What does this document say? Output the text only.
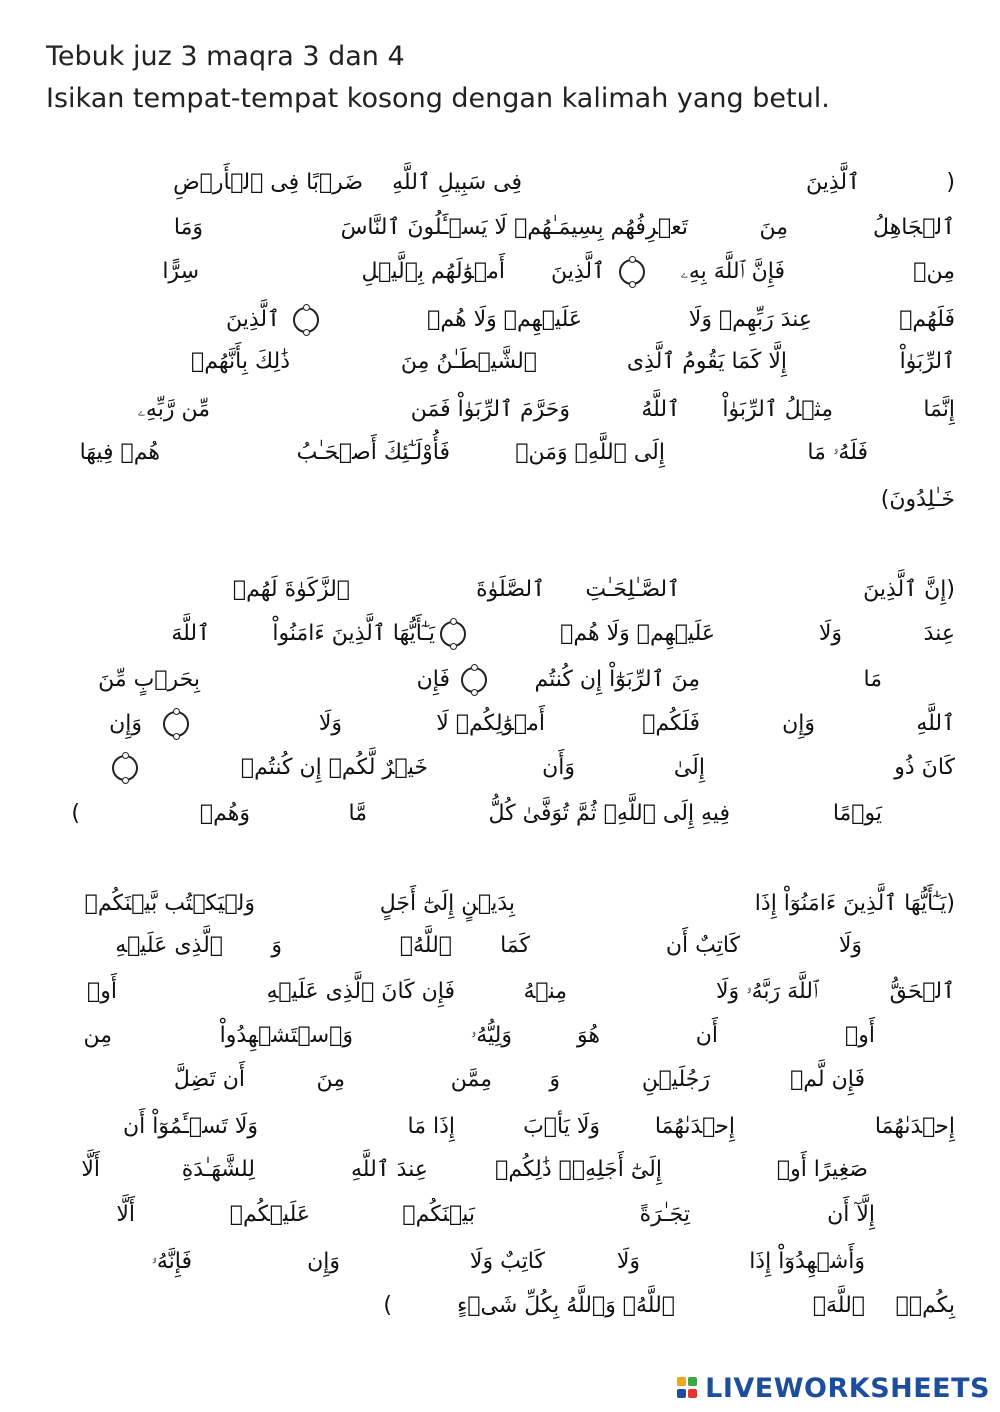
Tebuk juz 3 maqra 3 dan 4
Isikan tempat-tempat kosong dengan kalimah yang betul.
(
ٱلَّذِينَ
فِى سَبِيلِ ٱللَّهِ
ضَرۡبًا فِى ٱلۡأَرۡضِ
ٱلۡجَاهِلُ
مِنَ
تَعۡرِفُهُم بِسِيمَـٰهُمۡ لَا يَسۡـَٔلُونَ ٱلنَّاسَ
وَمَا
مِنۡ
فَإِنَّ ٱللَّهَ بِهِۦ
ٱلَّذِينَ
أَمۡوَٰلَهُم بِٱلَّيۡلِ
سِرًّا
فَلَهُمۡ
عِندَ رَبِّهِمۡ وَلَا
عَلَيۡهِمۡ وَلَا هُمۡ
ٱلَّذِينَ
ٱلرِّبَوٰاْ
إِلَّا كَمَا يَقُومُ ٱلَّذِى
ٱلشَّيۡطَـٰنُ مِنَ
ذَٰلِكَ بِأَنَّهُمۡ
إِنَّمَا
مِثۡلُ ٱلرِّبَوٰاْ
ٱللَّهُ
وَحَرَّمَ ٱلرِّبَوٰاْ فَمَن
مِّن رَّبِّهِۦ
فَلَهُۥ مَا
إِلَى ٱللَّهِۖ وَمَنۡ
فَأُوْلَـٰٓئِكَ أَصۡحَـٰبُ
هُمۡ فِيهَا
خَـٰلِدُونَ)
(إِنَّ ٱلَّذِينَ
ٱلصَّـٰلِحَـٰتِ
ٱلصَّلَوٰةَ
ٱلزَّكَوٰةَ لَهُمۡ
عِندَ
وَلَا
عَلَيۡهِمۡ وَلَا هُمۡ
يَـٰٓأَيُّهَا ٱلَّذِينَ ءَامَنُواْ
ٱللَّهَ
مَا
مِنَ ٱلرِّبَوٰٓاْ إِن كُنتُم
فَإِن
بِحَرۡبٍ مِّنَ
ٱللَّهِ
وَإِن
فَلَكُمۡ
أَمۡوَٰلِكُمۡ لَا
وَلَا
وَإِن
كَانَ ذُو
إِلَىٰ
وَأَن
خَيۡرٌ لَّكُمۡ إِن كُنتُمۡ
يَوۡمًا
فِيهِ إِلَى ٱللَّهِۖ ثُمَّ تُوَفَّىٰ كُلُّ
مَّا
وَهُمۡ
)
(يَـٰٓأَيُّهَا ٱلَّذِينَ ءَامَنُوٓاْ إِذَا
بِدَيۡنٍ إِلَىٰٓ أَجَلٍ
وَلۡيَكۡتُب بَّيۡنَكُمۡ
وَلَا
كَاتِبٌ أَن
كَمَا
ٱللَّهُۚ
وَ
ٱلَّذِى عَلَيۡهِ
ٱلۡحَقُّ
ٱللَّهَ رَبَّهُۥ وَلَا
مِنۡهُ
فَإِن كَانَ ٱلَّذِى عَلَيۡهِ
أَوۡ
أَوۡ
أَن
هُوَ
وَلِيُّهُۥ
وَٱسۡتَشۡهِدُواْ
مِن
فَإِن لَّمۡ
رَجُلَيۡنِ
وَ
مِمَّن
مِنَ
أَن تَضِلَّ
إِحۡدَىٰهُمَا
إِحۡدَىٰهُمَا
وَلَا يَأۡبَ
إِذَا مَا
وَلَا تَسۡـَٔمُوٓاْ أَن
صَغِيرًا أَوۡ
إِلَىٰٓ أَجَلِهِۦۚ ذَٰلِكُمۡ
عِندَ ٱللَّهِ
لِلشَّهَـٰدَةِ
أَلَّا
إِلَّآ أَن
تِجَـٰرَةً
بَيۡنَكُمۡ
عَلَيۡكُمۡ
أَلَّا
وَأَشۡهِدُوٓاْ إِذَا
وَلَا
كَاتِبٌ وَلَا
وَإِن
فَإِنَّهُۥ
بِكُمۡۗ
ٱللَّهَۖ
ٱللَّهُۗ وَٱللَّهُ بِكُلِّ شَىۡءٍ
)
LIVEWORKSHEETS
